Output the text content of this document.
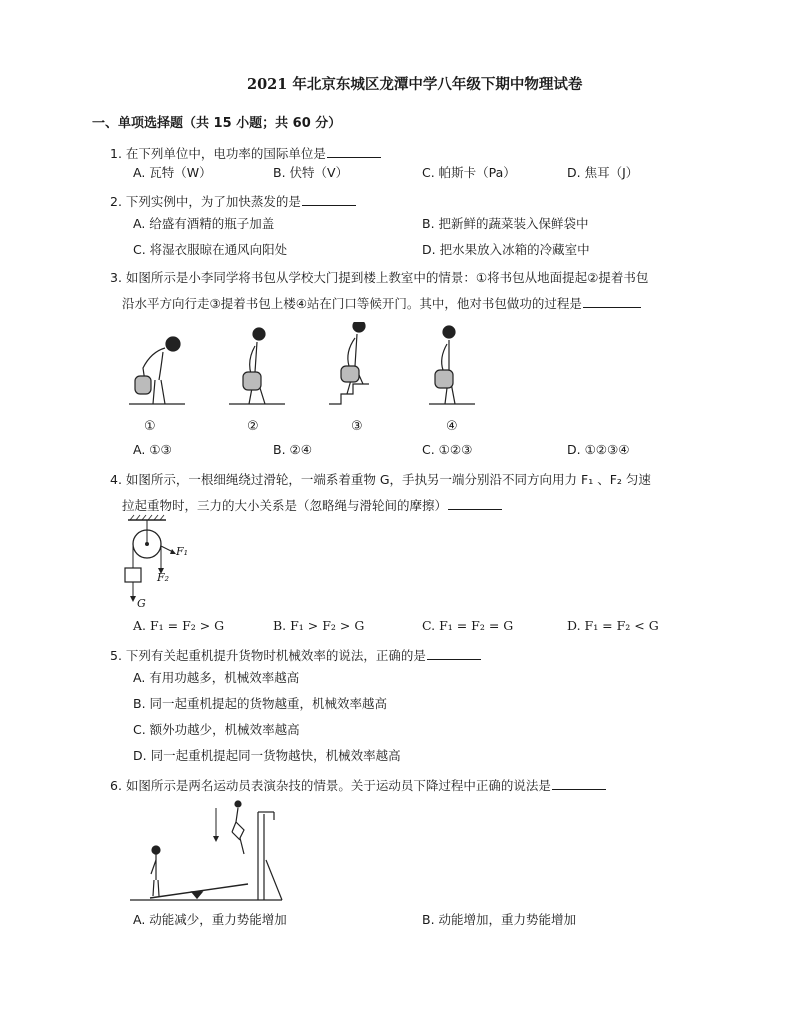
2021 年北京东城区龙潭中学八年级下期中物理试卷
一、单项选择题（共 15 小题；共 60 分）
1. 在下列单位中，电功率的国际单位是
A. 瓦特（W）	B. 伏特（V）	C. 帕斯卡（Pa）	D. 焦耳（J）
2. 下列实例中，为了加快蒸发的是
A. 给盛有酒精的瓶子加盖	B. 把新鲜的蔬菜装入保鲜袋中
C. 将湿衣服晾在通风向阳处	D. 把水果放入冰箱的冷藏室中
3. 如图所示是小李同学将书包从学校大门提到楼上教室中的情景：①将书包从地面提起②提着书包
沿水平方向行走③提着书包上楼④站在门口等候开门。其中，他对书包做功的过程是
①	②	③	④
A. ①③	B. ②④	C. ①②③	D. ①②③④
4. 如图所示，一根细绳绕过滑轮，一端系着重物 G，手执另一端分别沿不同方向用力 F₁ 、F₂ 匀速
拉起重物时，三力的大小关系是（忽略绳与滑轮间的摩擦）
F₁
F₂
G
A. F₁ = F₂ > G	B. F₁ > F₂ > G	C. F₁ = F₂ = G	D. F₁ = F₂ < G
5. 下列有关起重机提升货物时机械效率的说法，正确的是
A. 有用功越多，机械效率越高
B. 同一起重机提起的货物越重，机械效率越高
C. 额外功越少，机械效率越高
D. 同一起重机提起同一货物越快，机械效率越高
6. 如图所示是两名运动员表演杂技的情景。关于运动员下降过程中正确的说法是
A. 动能减少，重力势能增加	B. 动能增加，重力势能增加
